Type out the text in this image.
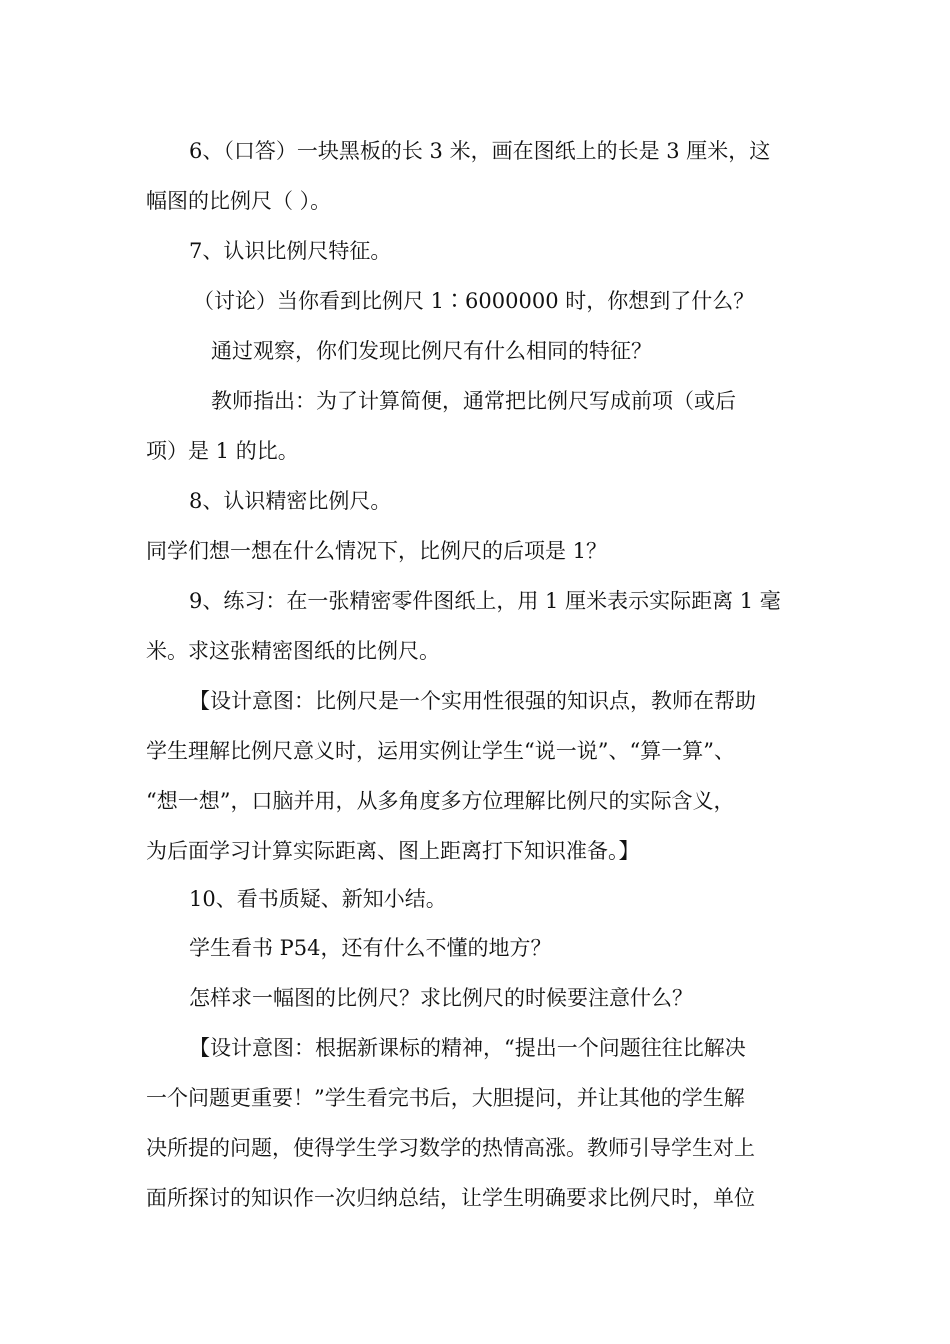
6、（口答）一块黑板的长 3 米，画在图纸上的长是 3 厘米，这
幅图的比例尺（ ）。
7、认识比例尺特征。
（讨论）当你看到比例尺 1∶6000000 时，你想到了什么？
通过观察，你们发现比例尺有什么相同的特征？
教师指出：为了计算简便，通常把比例尺写成前项（或后
项）是 1 的比。
8、认识精密比例尺。
同学们想一想在什么情况下，比例尺的后项是 1？
9、练习：在一张精密零件图纸上，用 1 厘米表示实际距离 1 毫
米。求这张精密图纸的比例尺。
【设计意图：比例尺是一个实用性很强的知识点，教师在帮助
学生理解比例尺意义时，运用实例让学生“说一说”、“算一算”、
“想一想”，口脑并用，从多角度多方位理解比例尺的实际含义，
为后面学习计算实际距离、图上距离打下知识准备。】
10、看书质疑、新知小结。
学生看书 P54，还有什么不懂的地方？
怎样求一幅图的比例尺？求比例尺的时候要注意什么？
【设计意图：根据新课标的精神，“提出一个问题往往比解决
一个问题更重要！”学生看完书后，大胆提问，并让其他的学生解
决所提的问题，使得学生学习数学的热情高涨。教师引导学生对上
面所探讨的知识作一次归纳总结，让学生明确要求比例尺时，单位
